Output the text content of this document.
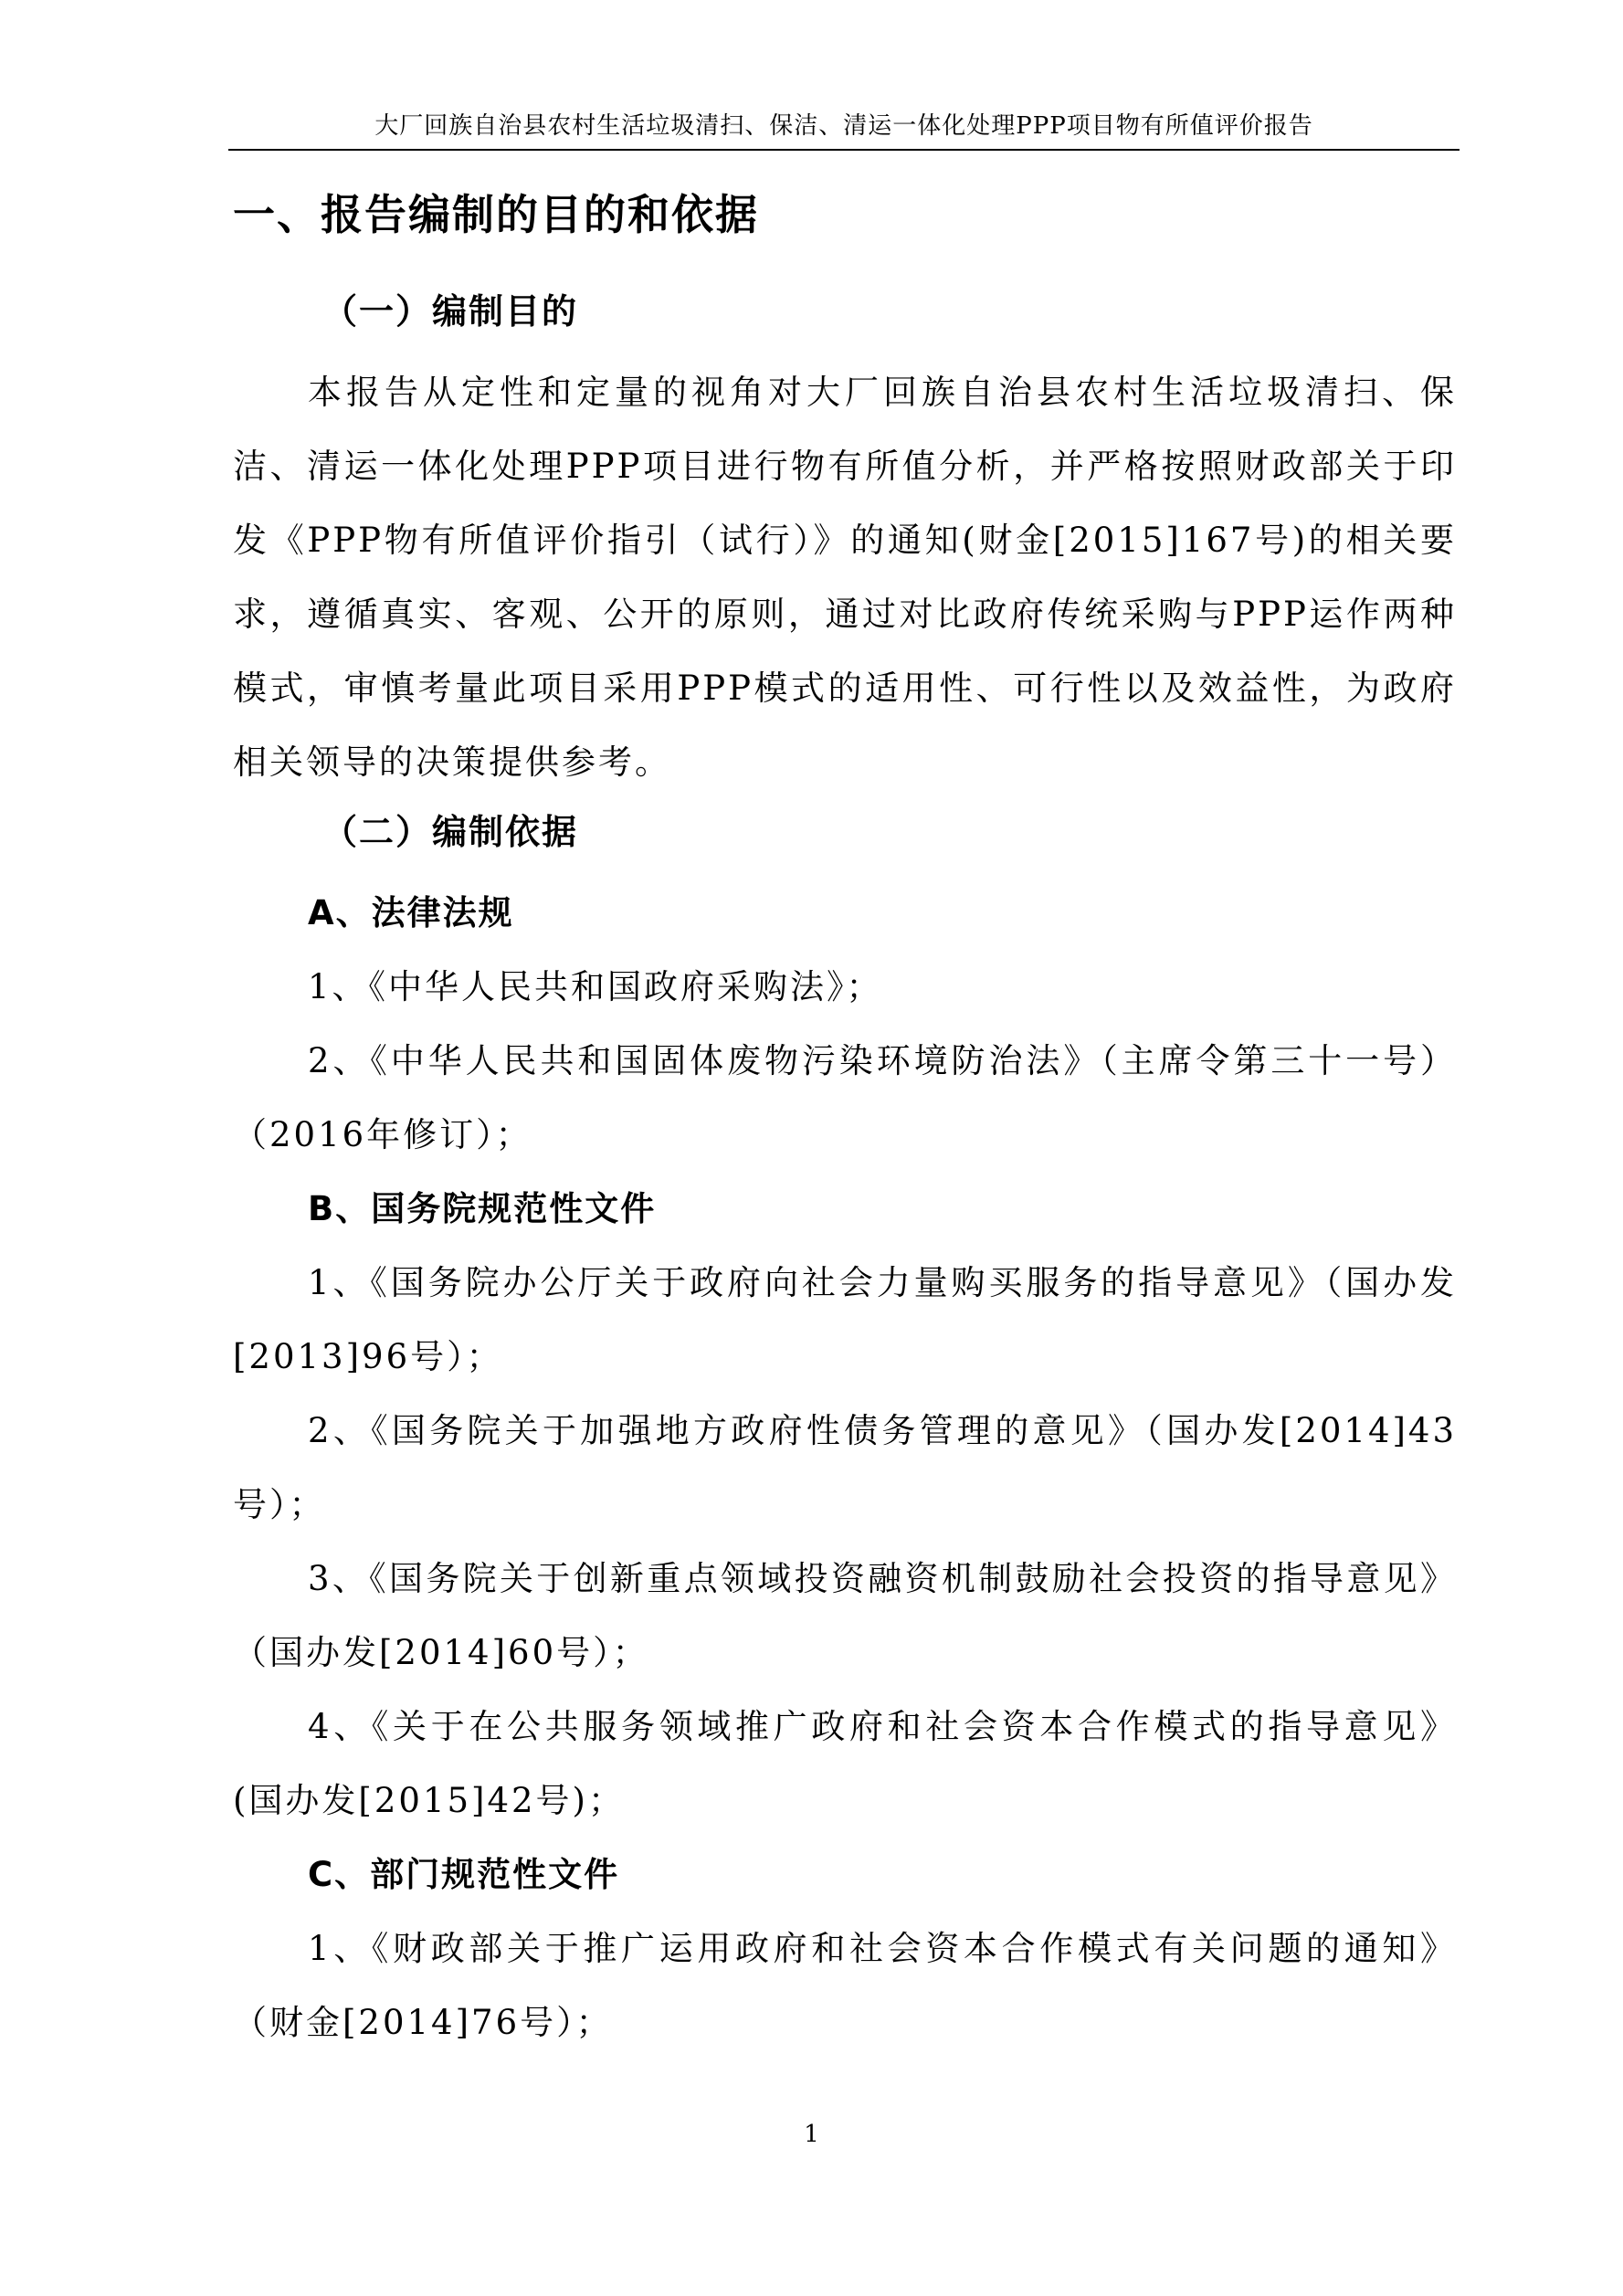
大厂回族自治县农村生活垃圾清扫、保洁、清运一体化处理PPP项目物有所值评价报告
一、报告编制的目的和依据
（一）编制目的

本报告从定性和定量的视角对大厂回族自治县农村生活垃圾清扫、保洁、清运一体化处理PPP项目进行物有所值分析，并严格按照财政部关于印发《PPP物有所值评价指引（试行）》的通知(财金[2015]167号)的相关要求，遵循真实、客观、公开的原则，通过对比政府传统采购与PPP运作两种模式，审慎考量此项目采用PPP模式的适用性、可行性以及效益性，为政府相关领导的决策提供参考。

（二）编制依据
A、法律法规

1、《中华人民共和国政府采购法》；

2、《中华人民共和国固体废物污染环境防治法》（主席令第三十一号）（2016年修订）；

B、国务院规范性文件

1、《国务院办公厅关于政府向社会力量购买服务的指导意见》（国办发[2013]96号）；

2、《国务院关于加强地方政府性债务管理的意见》（国办发[2014]43号）；

3、《国务院关于创新重点领域投资融资机制鼓励社会投资的指导意见》（国办发[2014]60号）；

4、《关于在公共服务领域推广政府和社会资本合作模式的指导意见》(国办发[2015]42号)；

C、部门规范性文件

1、《财政部关于推广运用政府和社会资本合作模式有关问题的通知》（财金[2014]76号）；

1
